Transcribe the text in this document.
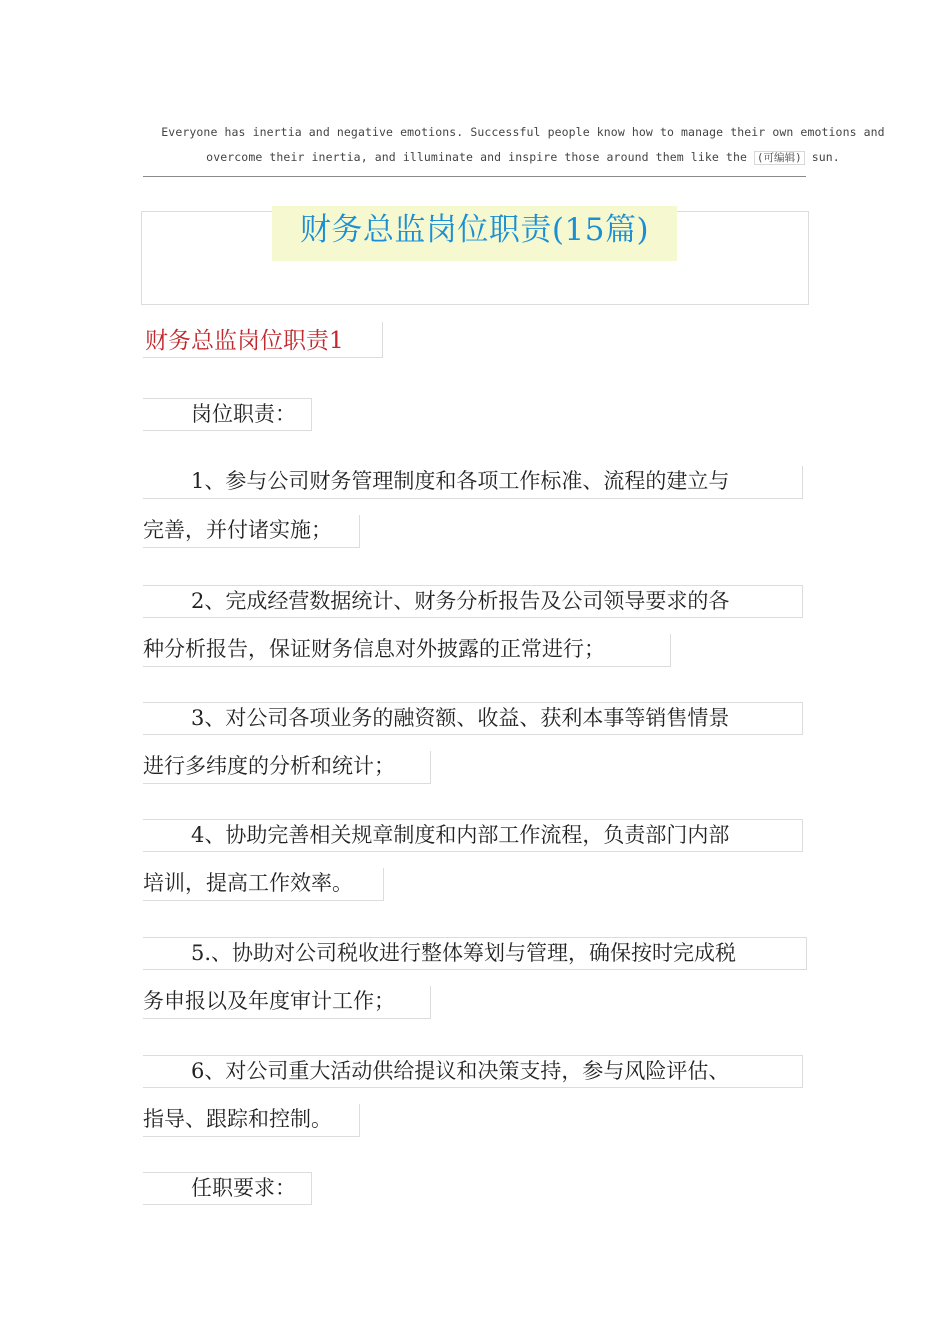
Everyone has inertia and negative emotions. Successful people know how to manage their own emotions and

overcome their inertia, and illuminate and inspire those around them like the (可编辑) sun.
财务总监岗位职责(15篇)
财务总监岗位职责1
岗位职责：
1、参与公司财务管理制度和各项工作标准、流程的建立与
完善，并付诸实施；
2、完成经营数据统计、财务分析报告及公司领导要求的各
种分析报告，保证财务信息对外披露的正常进行；
3、对公司各项业务的融资额、收益、获利本事等销售情景
进行多纬度的分析和统计；
4、协助完善相关规章制度和内部工作流程，负责部门内部
培训，提高工作效率。
5.、协助对公司税收进行整体筹划与管理，确保按时完成税
务申报以及年度审计工作；
6、对公司重大活动供给提议和决策支持，参与风险评估、
指导、跟踪和控制。
任职要求：
